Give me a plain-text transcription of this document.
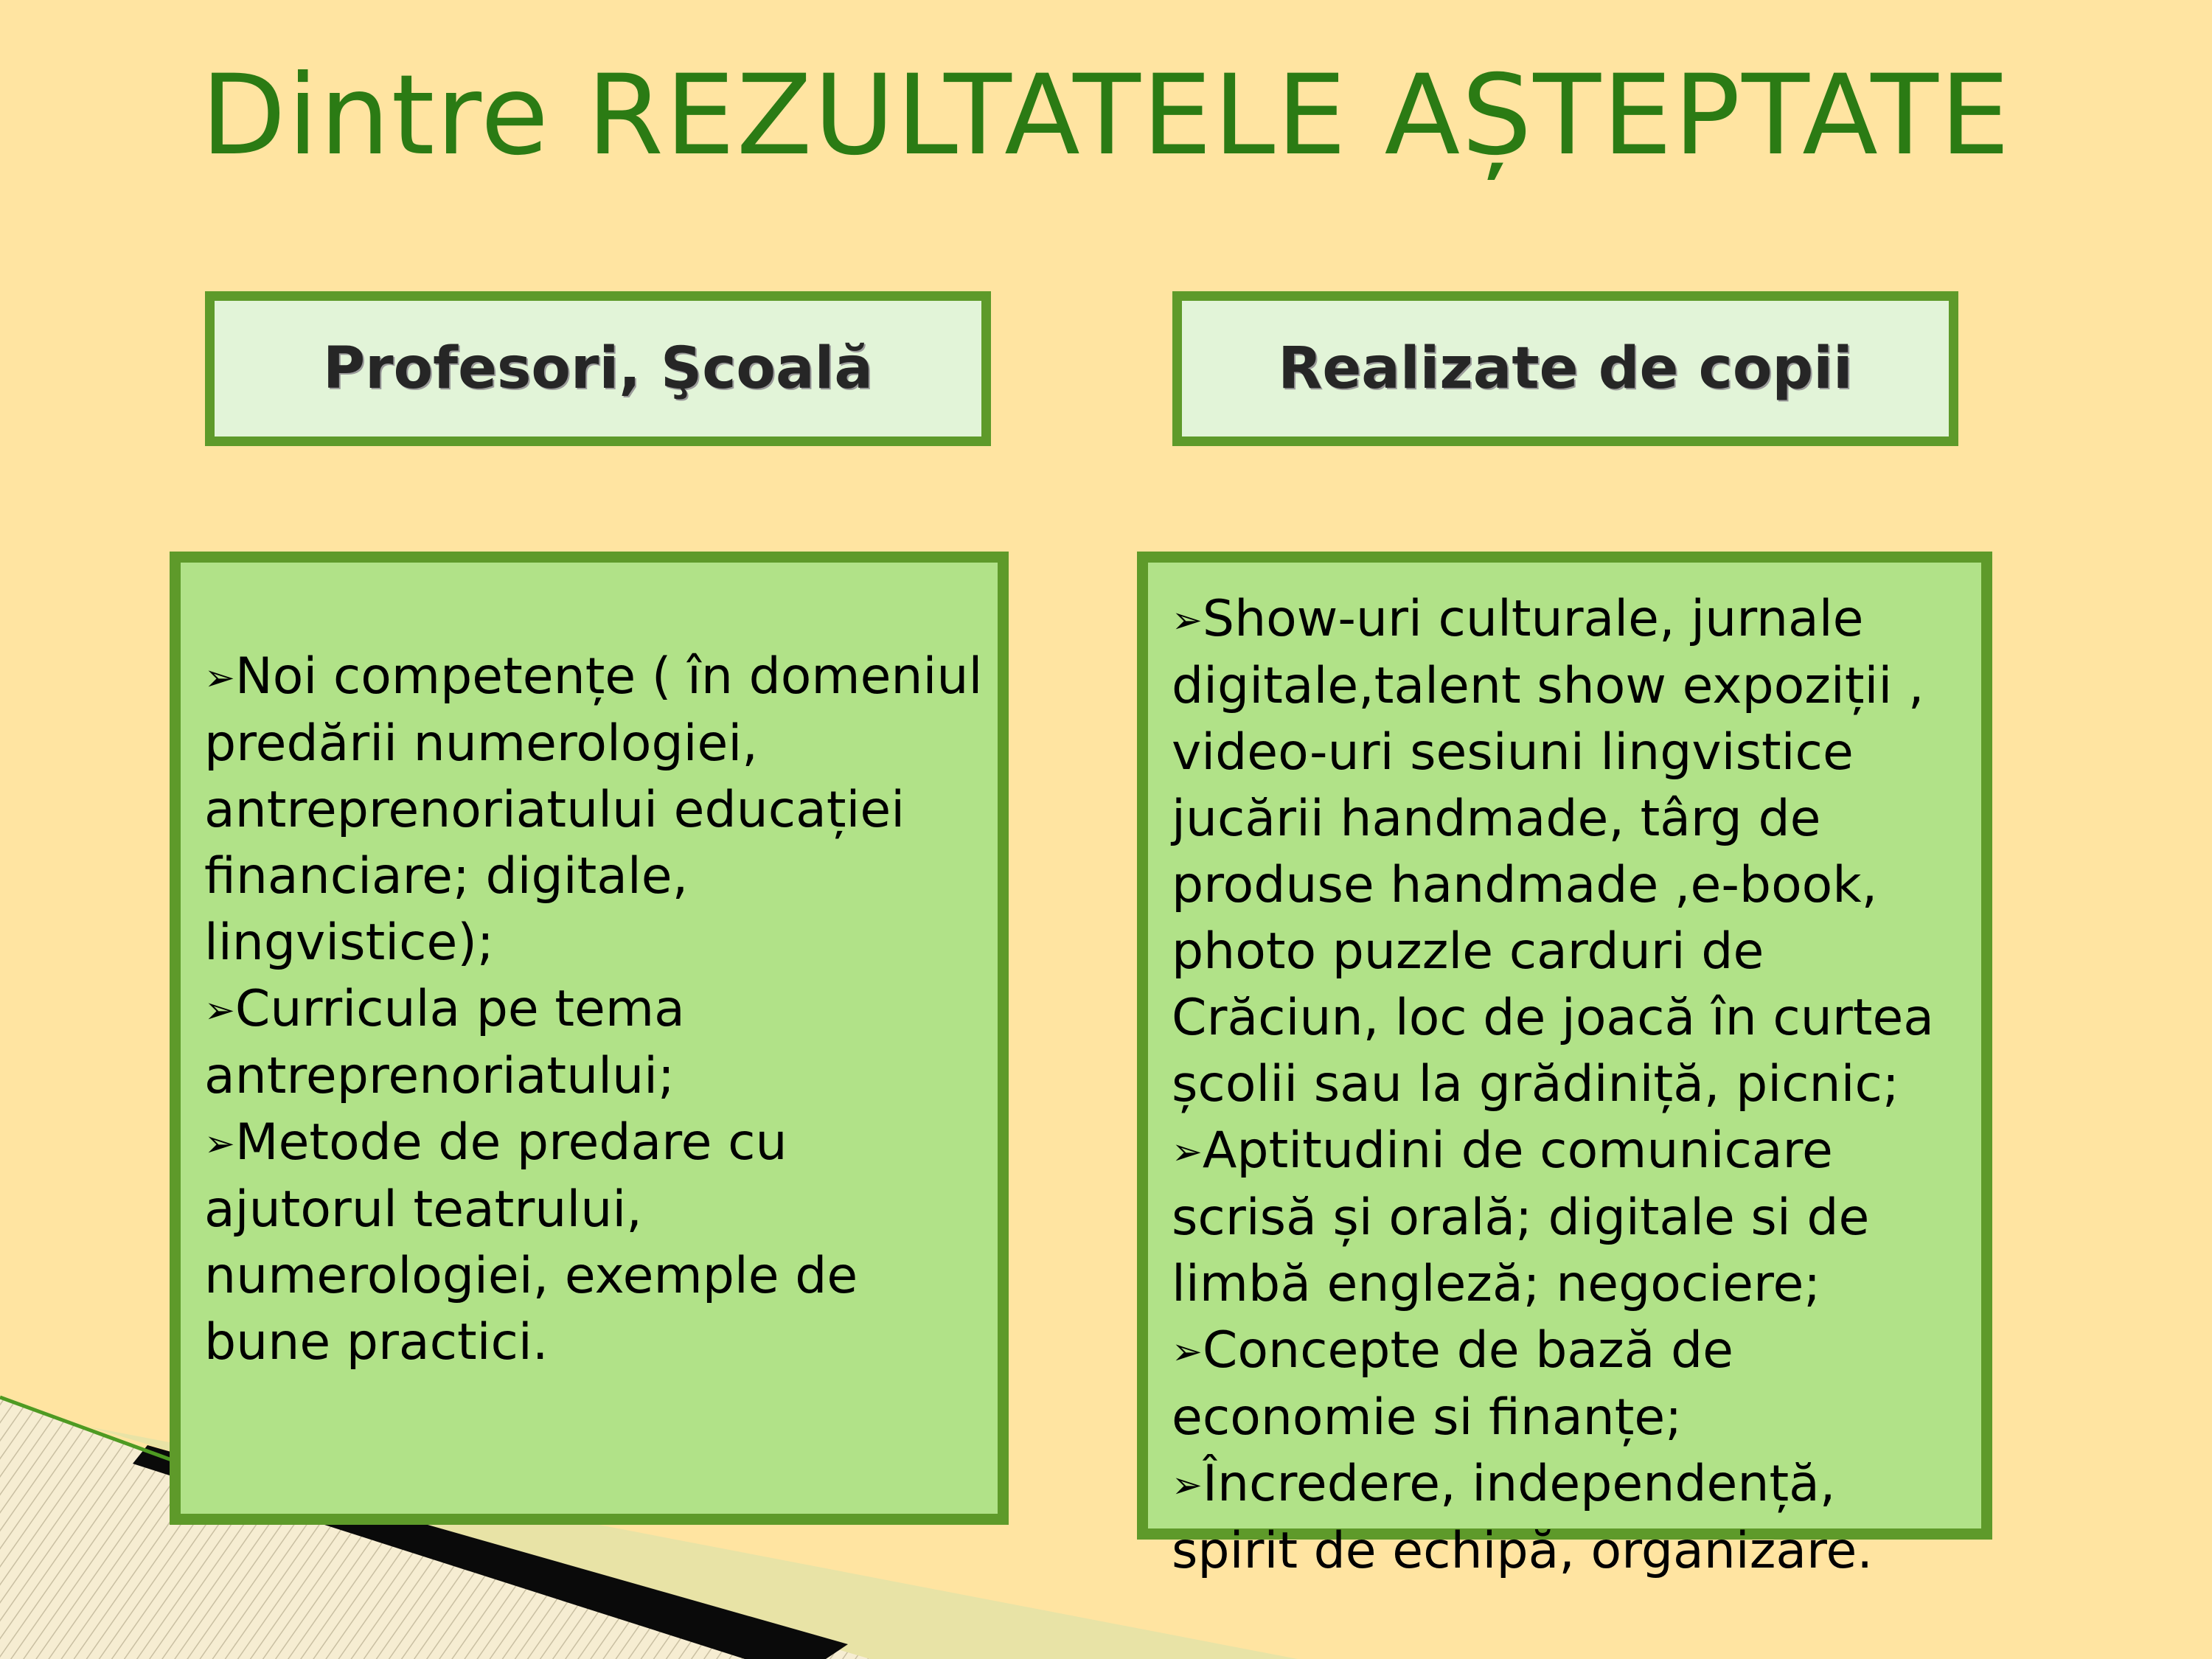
Dintre REZULTATELE AȘTEPTATE
Profesori, Şcoală	Realizate de copii
➢Noi competențe ( în domeniul predării numerologiei, antreprenoriatului educației financiare; digitale, lingvistice);
➢Curricula pe tema antreprenoriatului;
➢Metode de predare cu ajutorul teatrului, numerologiei, exemple de bune practici.
➢Show-uri culturale, jurnale digitale,talent show expoziții , video-uri sesiuni lingvistice jucării handmade, târg de produse handmade ,e-book, photo puzzle carduri de Crăciun, loc de joacă în curtea școlii sau la grădiniță, picnic;
➢Aptitudini de comunicare scrisă și orală; digitale si de limbă engleză; negociere;
➢Concepte de bază de economie si finanțe;
➢Încredere, independență, spirit de echipă, organizare.
